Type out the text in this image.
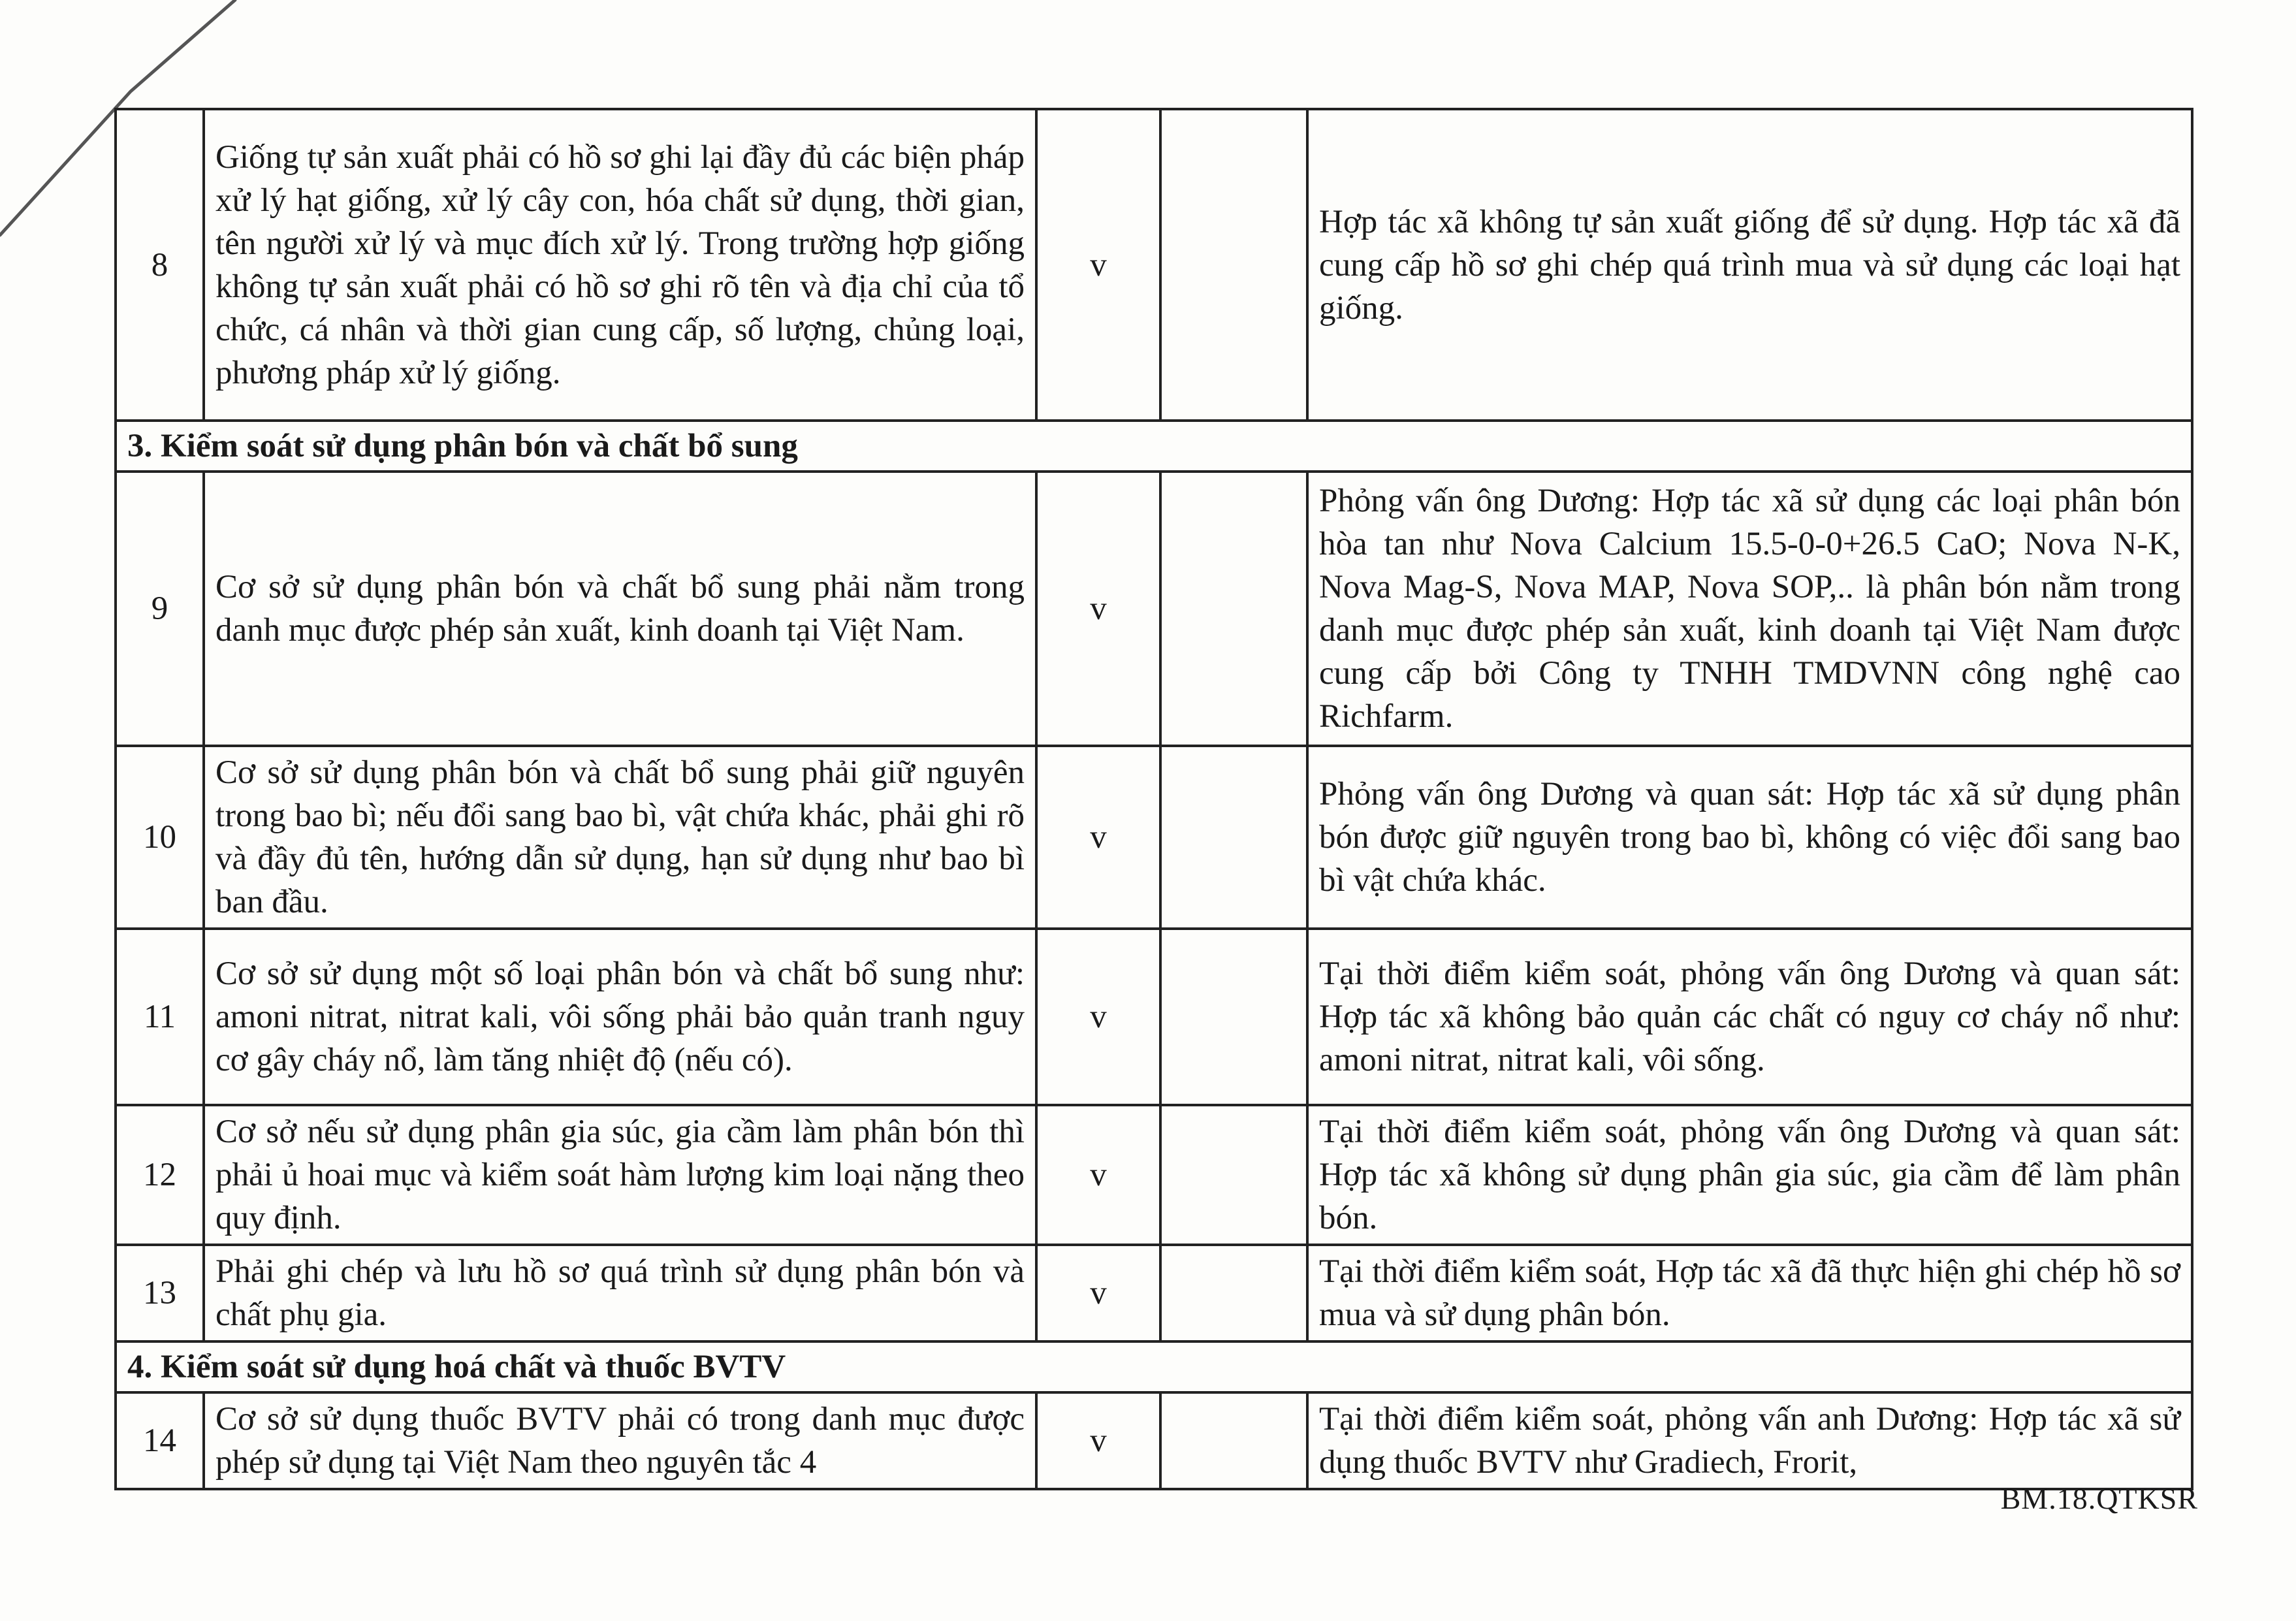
8	Giống tự sản xuất phải có hồ sơ ghi lại đầy đủ các biện pháp xử lý hạt giống, xử lý cây con, hóa chất sử dụng, thời gian, tên người xử lý và mục đích xử lý. Trong trường hợp giống không tự sản xuất phải có hồ sơ ghi rõ tên và địa chỉ của tổ chức, cá nhân và thời gian cung cấp, số lượng, chủng loại, phương pháp xử lý giống.	v		Hợp tác xã không tự sản xuất giống để sử dụng. Hợp tác xã đã cung cấp hồ sơ ghi chép quá trình mua và sử dụng các loại hạt giống.
3. Kiểm soát sử dụng phân bón và chất bổ sung				
9	Cơ sở sử dụng phân bón và chất bổ sung phải nằm trong danh mục được phép sản xuất, kinh doanh tại Việt Nam.	v		Phỏng vấn ông Dương: Hợp tác xã sử dụng các loại phân bón hòa tan như Nova Calcium 15.5-0-0+26.5 CaO; Nova N-K, Nova Mag-S, Nova MAP, Nova SOP,.. là phân bón nằm trong danh mục được phép sản xuất, kinh doanh tại Việt Nam được cung cấp bởi Công ty TNHH TMDVNN công nghệ cao Richfarm.
10	Cơ sở sử dụng phân bón và chất bổ sung phải giữ nguyên trong bao bì; nếu đổi sang bao bì, vật chứa khác, phải ghi rõ và đầy đủ tên, hướng dẫn sử dụng, hạn sử dụng như bao bì ban đầu.	v		Phỏng vấn ông Dương và quan sát: Hợp tác xã sử dụng phân bón được giữ nguyên trong bao bì, không có việc đổi sang bao bì vật chứa khác.
11	Cơ sở sử dụng một số loại phân bón và chất bổ sung như: amoni nitrat, nitrat kali, vôi sống phải bảo quản tranh nguy cơ gây cháy nổ, làm tăng nhiệt độ (nếu có).	v		Tại thời điểm kiểm soát, phỏng vấn ông Dương và quan sát: Hợp tác xã không bảo quản các chất có nguy cơ cháy nổ như: amoni nitrat, nitrat kali, vôi sống.
12	Cơ sở nếu sử dụng phân gia súc, gia cầm làm phân bón thì phải ủ hoai mục và kiểm soát hàm lượng kim loại nặng theo quy định.	v		Tại thời điểm kiểm soát, phỏng vấn ông Dương và quan sát: Hợp tác xã không sử dụng phân gia súc, gia cầm để làm phân bón.
13	Phải ghi chép và lưu hồ sơ quá trình sử dụng phân bón và chất phụ gia.	v		Tại thời điểm kiểm soát, Hợp tác xã đã thực hiện ghi chép hồ sơ mua và sử dụng phân bón.
4. Kiểm soát sử dụng hoá chất và thuốc BVTV				
14	Cơ sở sử dụng thuốc BVTV phải có trong danh mục được phép sử dụng tại Việt Nam theo nguyên tắc 4	v		Tại thời điểm kiểm soát, phỏng vấn anh Dương: Hợp tác xã sử dụng thuốc BVTV như Gradiech, Frorit,
BM.18.QTKSR
